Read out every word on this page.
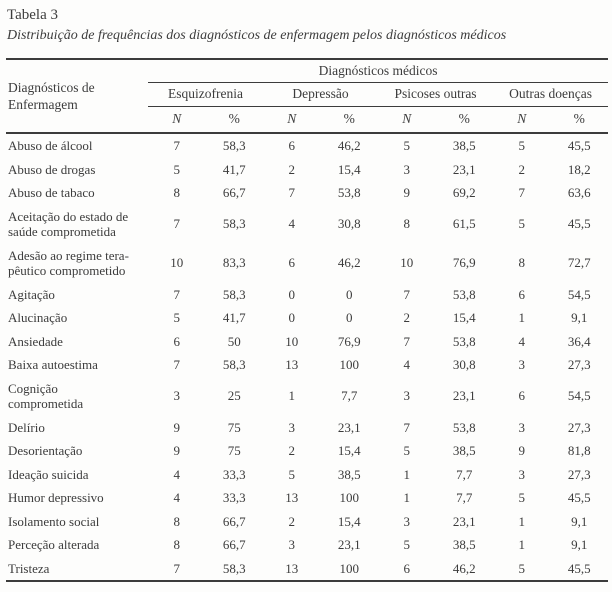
Tabela 3
Distribuição de frequências dos diagnósticos de enfermagem pelos diagnósticos médicos
Diagnósticos de
Enfermagem	Diagnósticos médicos							
	Esquizofrenia		Depressão		Psicoses outras		Outras doenças	
	N	%	N	%	N	%	N	%
Abuso de álcool	7	58,3	6	46,2	5	38,5	5	45,5
Abuso de drogas	5	41,7	2	15,4	3	23,1	2	18,2
Abuso de tabaco	8	66,7	7	53,8	9	69,2	7	63,6
Aceitação do estado de
saúde comprometida	7	58,3	4	30,8	8	61,5	5	45,5
Adesão ao regime tera-
pêutico comprometido	10	83,3	6	46,2	10	76,9	8	72,7
Agitação	7	58,3	0	0	7	53,8	6	54,5
Alucinação	5	41,7	0	0	2	15,4	1	9,1
Ansiedade	6	50	10	76,9	7	53,8	4	36,4
Baixa autoestima	7	58,3	13	100	4	30,8	3	27,3
Cognição
comprometida	3	25	1	7,7	3	23,1	6	54,5
Delírio	9	75	3	23,1	7	53,8	3	27,3
Desorientação	9	75	2	15,4	5	38,5	9	81,8
Ideação suicida	4	33,3	5	38,5	1	7,7	3	27,3
Humor depressivo	4	33,3	13	100	1	7,7	5	45,5
Isolamento social	8	66,7	2	15,4	3	23,1	1	9,1
Perceção alterada	8	66,7	3	23,1	5	38,5	1	9,1
Tristeza	7	58,3	13	100	6	46,2	5	45,5
